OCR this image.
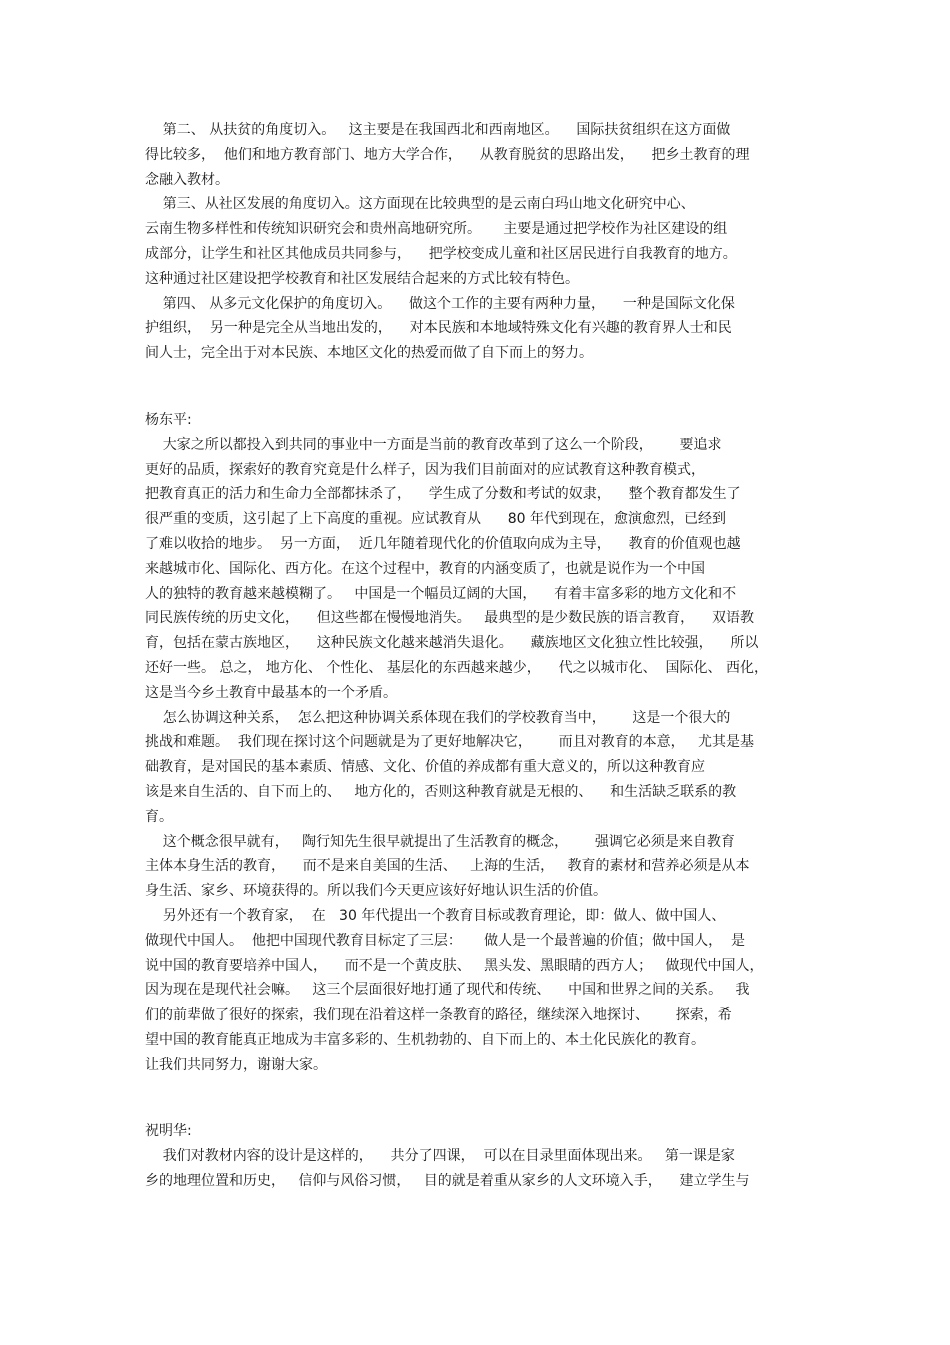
第二、 从扶贫的角度切入。   这主要是在我国西北和西南地区。    国际扶贫组织在这方面做
得比较多，  他们和地方教育部门、地方大学合作，    从教育脱贫的思路出发，    把乡土教育的理
念融入教材。
第三、从社区发展的角度切入。这方面现在比较典型的是云南白玛山地文化研究中心、
云南生物多样性和传统知识研究会和贵州高地研究所。     主要是通过把学校作为社区建设的组
成部分，让学生和社区其他成员共同参与，    把学校变成儿童和社区居民进行自我教育的地方。
这种通过社区建设把学校教育和社区发展结合起来的方式比较有特色。
第四、 从多元文化保护的角度切入。    做这个工作的主要有两种力量，    一种是国际文化保
护组织，  另一种是完全从当地出发的，    对本民族和本地域特殊文化有兴趣的教育界人士和民
间人士，完全出于对本民族、本地区文化的热爱而做了自下而上的努力。
杨东平:
大家之所以都投入到共同的事业中一方面是当前的教育改革到了这么一个阶段，      要追求
更好的品质，探索好的教育究竟是什么样子，因为我们目前面对的应试教育这种教育模式，
把教育真正的活力和生命力全部都抹杀了，    学生成了分数和考试的奴隶，    整个教育都发生了
很严重的变质，这引起了上下高度的重视。应试教育从      80 年代到现在，愈演愈烈，已经到
了难以收拾的地步。  另一方面，  近几年随着现代化的价值取向成为主导，    教育的价值观也越
来越城市化、国际化、西方化。在这个过程中，教育的内涵变质了，也就是说作为一个中国
人的独特的教育越来越模糊了。   中国是一个幅员辽阔的大国，    有着丰富多彩的地方文化和不
同民族传统的历史文化，    但这些都在慢慢地消失。   最典型的是少数民族的语言教育，    双语教
育，包括在蒙古族地区，    这种民族文化越来越消失退化。    藏族地区文化独立性比较强，    所以
还好一些。 总之， 地方化、 个性化、 基层化的东西越来越少，    代之以城市化、  国际化、 西化，
这是当今乡土教育中最基本的一个矛盾。
怎么协调这种关系，  怎么把这种协调关系体现在我们的学校教育当中，      这是一个很大的
挑战和难题。  我们现在探讨这个问题就是为了更好地解决它，      而且对教育的本意，   尤其是基
础教育，是对国民的基本素质、情感、文化、价值的养成都有重大意义的，所以这种教育应
该是来自生活的、自下而上的、   地方化的，否则这种教育就是无根的、    和生活缺乏联系的教
育。
这个概念很早就有，   陶行知先生很早就提出了生活教育的概念，      强调它必须是来自教育
主体本身生活的教育，    而不是来自美国的生活、   上海的生活，   教育的素材和营养必须是从本
身生活、家乡、环境获得的。所以我们今天更应该好好地认识生活的价值。
另外还有一个教育家，  在   30 年代提出一个教育目标或教育理论，即：做人、做中国人、
做现代中国人。  他把中国现代教育目标定了三层：     做人是一个最普遍的价值；做中国人，  是
说中国的教育要培养中国人，    而不是一个黄皮肤、   黑头发、黑眼睛的西方人；   做现代中国人，
因为现在是现代社会嘛。   这三个层面很好地打通了现代和传统、    中国和世界之间的关系。   我
们的前辈做了很好的探索，我们现在沿着这样一条教育的路径，继续深入地探讨、      探索，希
望中国的教育能真正地成为丰富多彩的、生机勃勃的、自下而上的、本土化民族化的教育。
让我们共同努力，谢谢大家。
祝明华:
我们对教材内容的设计是这样的，    共分了四课，  可以在目录里面体现出来。   第一课是家
乡的地理位置和历史，   信仰与风俗习惯，   目的就是着重从家乡的人文环境入手，    建立学生与
